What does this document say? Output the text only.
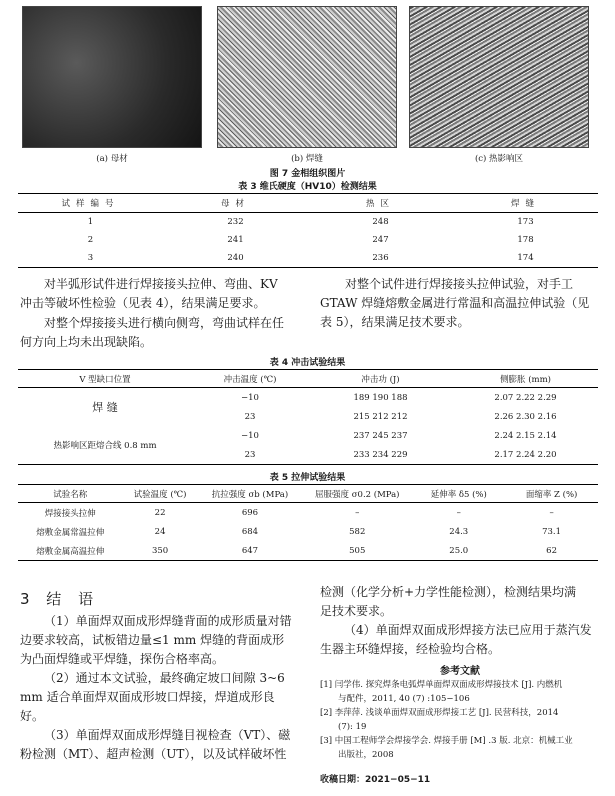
(a) 母材	(b) 焊缝	(c) 热影响区
图 7 金相组织图片
表 3 维氏硬度（HV10）检测结果
试样编号	母材	热区	焊缝
1	232	248	173
2	241	247	178
3	240	236	174
对半弧形试件进行焊接接头拉伸、弯曲、KV
冲击等破坏性检验（见表 4），结果满足要求。
对整个焊接接头进行横向侧弯，弯曲试样在任
何方向上均未出现缺陷。
对整个试件进行焊接接头拉伸试验，对手工
GTAW 焊缝熔敷金属进行常温和高温拉伸试验（见
表 5），结果满足技术要求。
表 4 冲击试验结果
V 型缺口位置	冲击温度 (℃)	冲击功 (J)	侧膨胀 (mm)
焊 缝	−10	189 190 188	2.07 2.22 2.29
	23	215 212 212	2.26 2.30 2.16
热影响区距熔合线 0.8 mm	−10	237 245 237	2.24 2.15 2.14
	23	233 234 229	2.17 2.24 2.20
表 5 拉伸试验结果
试验名称	试验温度 (℃)	抗拉强度 σb (MPa)	屈服强度 σ0.2 (MPa)	延伸率 δ5 (%)	面缩率 Z (%)
焊接接头拉伸	22	696	–	–	–
熔敷金属常温拉伸	24	684	582	24.3	73.1
熔敷金属高温拉伸	350	647	505	25.0	62
3 结 语
（1）单面焊双面成形焊缝背面的成形质量对错
边要求较高，试板错边量≤1 mm 焊缝的背面成形
为凸面焊缝或平焊缝，探伤合格率高。
（2）通过本文试验，最终确定坡口间隙 3~6
mm 适合单面焊双面成形坡口焊接，焊道成形良
好。
（3）单面焊双面成形焊缝目视检查（VT）、磁
粉检测（MT）、超声检测（UT），以及试样破坏性
检测（化学分析+力学性能检测），检测结果均满
足技术要求。
（4）单面焊双面成形焊接方法已应用于蒸汽发
生器主环缝焊接，经检验均合格。
参考文献
[1] 闫学伟. 探究焊条电弧焊单面焊双面成形焊接技术 [J]. 内燃机
与配件，2011, 40 (7) :105−106
[2] 李萍萍. 浅谈单面焊双面成形焊接工艺 [J]. 民营科技，2014
(7): 19
[3] 中国工程师学会焊接学会. 焊接手册 [M] .3 版. 北京：机械工业
出版社，2008
收稿日期：2021−05−11
